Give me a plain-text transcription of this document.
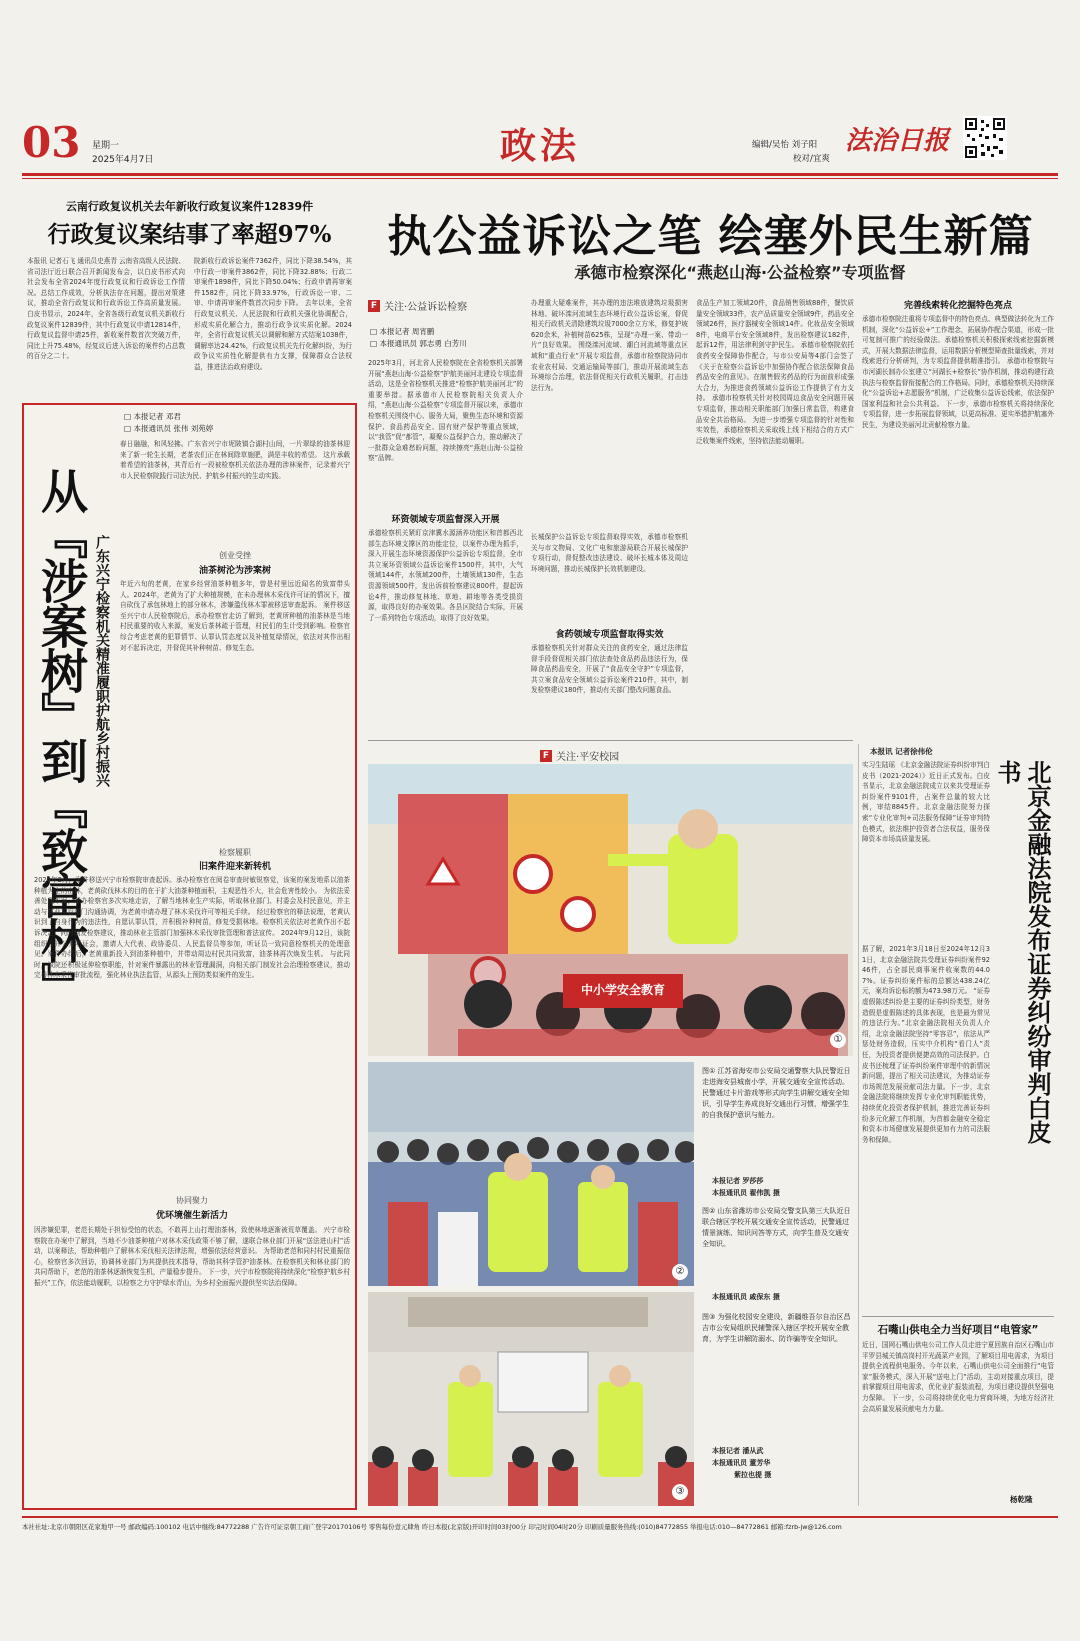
03 星期一
2025年4月7日	政法	编辑/吴怡 刘子阳
校对/宜爽
法治日报
云南行政复议机关去年新收行政复议案件12839件
行政复议案结事了率超97%
本报讯 记者石飞 通讯员史燕青 云南省高级人民法院、省司法厅近日联合召开新闻发布会，以白皮书形式向社会发布全省2024年度行政复议和行政诉讼工作情况。总结工作成效，分析执法存在问题，提出对策建议，推动全省行政复议和行政诉讼工作高质量发展。 白皮书显示，2024年，全省各级行政复议机关新收行政复议案件12839件，其中行政复议申请12814件，行政复议监督申请25件，新收案件数首次突破万件，同比上升75.48%，经复议后进入诉讼的案件约占总数的百分之二十。
院新收行政诉讼案件7362件，同比下降38.54%，其中行政一审案件3862件，同比下降32.88%；行政二审案件1898件，同比下降50.04%；行政申请再审案件1582件，同比下降33.97%，行政诉讼一审、二审、申请再审案件数首次同步下降。 去年以来，全省行政复议机关、人民法院和行政机关强化协调配合，形成实质化解合力，推动行政争议实质化解。2024年，全省行政复议机关以调解和解方式结案1038件，调解率达24.42%，行政复议机关先行化解纠纷，为行政争议实质性化解提供有力支撑，保障群众合法权益，推进法治政府建设。
□ 本报记者 邓君
□ 本报通讯员 张伟 刘苑婷
从『涉案树』到『致富林』 广东兴宁检察机关精准履职护航乡村振兴
春日融融，和风轻拂。广东省兴宁市坭陂镇合湖村山间，一片翠绿的油茶林迎来了新一轮生长期，老茶农们正在林间除草施肥，满是丰收的希望。 这片承载着希望的油茶林，其背后有一段被检察机关依法办理的涉林案件，记录着兴宁市人民检察院践行司法为民、护航乡村振兴的生动实践。
创业受挫
油茶树沦为涉案树
年近六旬的老黄，在家乡经营油茶种植多年，曾是村里远近闻名的致富带头人。2024年，老黄为了扩大种植规模，在未办理林木采伐许可证的情况下，擅自砍伐了承包林地上的部分林木，涉嫌滥伐林木罪被移送审查起诉。 案件移送至兴宁市人民检察院后，承办检察官走访了解到，老黄所种植的油茶林是当地村民重要的收入来源，案发后茶林疏于管理，村民们的生计受到影响。检察官综合考虑老黄的犯罪情节、认罪认罚态度以及补植复绿情况，依法对其作出相对不起诉决定，并督促其补种树苗、修复生态。
检察履职
旧案件迎来新转机
2024年2月，案件移送兴宁市检察院审查起诉。承办检察官在阅卷审查时敏锐察觉，该案的案发地系以油茶种植为主的山林，老黄砍伐林木的目的在于扩大油茶种植面积，主观恶性不大，社会危害性较小。 为依法妥善处理本案，承办检察官多次实地走访，了解当地林业生产实际，听取林业部门、村委会及村民意见，并主动与林业主管部门沟通协调，为老黄申请办理了林木采伐许可等相关手续。 经过检察官的释法说理，老黄认识到了自身行为的违法性，自愿认罪认罚，并积极补种树苗，修复受损林地。检察机关依法对老黄作出不起诉决定，同时制发检察建议，推动林业主管部门加强林木采伐审批管理和普法宣传。 2024年9月12日，该院组织召开公开听证会，邀请人大代表、政协委员、人民监督员等参加，听证员一致同意检察机关的处理意见。案件办结后，老黄重新投入到油茶种植中，并带动周边村民共同致富，油茶林再次焕发生机。 与此同时，该院还积极延伸检察职能，针对案件暴露出的林业管理漏洞，向相关部门制发社会治理检察建议，推动完善林木采伐审批流程，强化林业执法监管，从源头上预防类似案件的发生。
协同聚力
优环境催生新活力
因涉嫌犯罪，老范长期处于担惊受怕的状态，不敢再上山打理油茶林，致使林地逐渐被荒草覆盖。 兴宁市检察院在办案中了解到，当地不少油茶种植户对林木采伐政策不够了解，遂联合林业部门开展“送法进山村”活动，以案释法，帮助种植户了解林木采伐相关法律法规，增强依法经营意识。 为帮助老范和同村村民重振信心，检察官多次回访，协调林业部门为其提供技术指导，帮助其科学管护油茶林。在检察机关和林业部门的共同帮助下，老范的油茶林逐渐恢复生机，产量稳步提升。 下一步，兴宁市检察院将持续深化“检察护航乡村振兴”工作，依法能动履职，以检察之力守护绿水青山，为乡村全面振兴提供坚实法治保障。
执公益诉讼之笔 绘塞外民生新篇
承德市检察深化“燕赵山海·公益检察”专项监督
F 关注·公益诉讼检察
□ 本报记者 周宵鹏
□ 本报通讯员 郭志勇 白芳川
2025年3月，河北省人民检察院在全省检察机关部署开展“燕赵山海·公益检察”护航美丽河北建设专项监督活动，这是全省检察机关推进“检察护航美丽河北”的重要举措。据承德市人民检察院相关负责人介绍，“燕赵山海·公益检察”专项监督开展以来，承德市检察机关围绕中心、服务大局，聚焦生态环境和资源保护、食品药品安全、国有财产保护等重点领域，以“我管”促“都管”，凝聚公益保护合力，推动解决了一批群众急难愁盼问题，持续擦亮“燕赵山海·公益检察”品牌。
环资领域专项监督深入开展
承德检察机关紧盯京津冀水源涵养功能区和首都西北部生态环境支撑区的功能定位，以案件办理为抓手，深入开展生态环境资源保护公益诉讼专项监督，全市共立案环资领域公益诉讼案件1500件，其中，大气领域144件，水领域200件，土壤领域130件，生态资源领域500件，发出诉前检察建议800件，提起诉讼4件，推动修复林地、草地、耕地等各类受损资源，取得良好的办案效果。各县区院结合实际，开展了一系列特色专项活动，取得了良好效果。
办理重大疑难案件，其办理的违法堆放建筑垃圾损害林地、破坏滦河流域生态环境行政公益诉讼案，督促相关行政机关清除建筑垃圾7000余立方米，修复护坡620余米，补植树苗625株，呈现“办理一案、带动一片”良好效果。 围绕滦河流域、潮白河流域等重点区域和“重点行业”开展专项监督，承德市检察院协同市农业农村局、交通运输局等部门，推动开展流域生态环境综合治理，依法督促相关行政机关履职，打击违法行为。
长城保护公益诉讼专项监督取得实效，承德市检察机关与市文物局、文化广电和旅游局联合开展长城保护专项行动，督促整改违法建设、破坏长城本体及周边环境问题，推动长城保护长效机制建设。
食药领域专项监督取得实效
承德检察机关针对群众关注的食药安全，通过法律监督手段督促相关部门依法查处食品药品违法行为，保障食品药品安全，开展了“食品安全守护”专项监督，共立案食品安全领域公益诉讼案件210件，其中，制发检察建议180件，推动有关部门整改问题食品。
食品生产加工领域20件，食品销售领域88件，餐饮质量安全领域33件，农产品质量安全领域9件，药品安全领域26件，医疗器械安全领域14件。化妆品安全领域8件，电商平台安全领域8件，发出检察建议182件，起诉12件，用法律利剑守护民生。 承德市检察院依托食药安全保障协作配合，与市公安局等4部门会签了《关于在检察公益诉讼中加强协作配合依法保障食品药品安全的意见》。在制售假劣药品的行为面前形成强大合力，为推进食药领域公益诉讼工作提供了有力支持。 承德市检察机关针对校园周边食品安全问题开展专项监督，推动相关职能部门加强日常监管，构建食品安全共治格局。 为进一步增强专项监督的针对性和实效性，承德检察机关采取线上线下相结合的方式广泛收集案件线索，坚持依法能动履职。
完善线索转化挖掘特色亮点
承德市检察院注重将专项监督中的特色亮点、典型做法转化为工作机制，深化“公益诉讼+”工作理念，拓展协作配合渠道，形成一批可复制可推广的经验做法。承德检察机关积极探索线索挖掘新模式，开展大数据法律监督，运用数据分析模型筛查批量线索，并对线索进行分析研判，为专项监督提供精准指引。 承德市检察院与市河湖长制办公室建立“河湖长+检察长”协作机制，推动构建行政执法与检察监督衔接配合的工作格局。同时，承德检察机关持续深化“公益诉讼+志愿服务”机制，广泛收集公益诉讼线索，依法保护国家利益和社会公共利益。 下一步，承德市检察机关将持续深化专项监督，进一步拓展监督领域，以更高标准、更实举措护航塞外民生，为建设美丽河北贡献检察力量。
F 关注·平安校园
中小学安全教育
①
②
③
图① 江苏省海安市公安局交通警察大队民警近日走进海安县城南小学，开展交通安全宣传活动。民警通过卡片游戏等形式向学生讲解交通安全知识，引导学生养成良好交通出行习惯，增强学生的自我保护意识与能力。
本报记者 罗莎莎
本报通讯员 翟伟凯 摄
图② 山东省潍坊市公安局交警支队第三大队近日联合辖区学校开展交通安全宣传活动，民警通过情景演练、知识问答等方式，向学生普及交通安全知识。
本报通讯员 戚保东 摄
图③ 为强化校园安全建设，新疆维吾尔自治区昌吉市公安局组织民辅警深入辖区学校开展安全教育，为学生讲解防溺水、防诈骗等安全知识。
本报记者 潘从武
本报通讯员 董芳华
紫拉也提 摄
本报讯 记者徐伟伦
实习生陆瑶 《北京金融法院证券纠纷审判白皮书（2021-2024）》近日正式发布。白皮书显示，北京金融法院成立以来共受理证券纠纷案件9101件，占案件总量的较大比例，审结8845件。北京金融法院努力探索“专业化审判+司法服务保障”证券审判特色模式，依法维护投资者合法权益，服务保障资本市场高质量发展。	北京金融法院发布证券纠纷审判白皮书
据了解，2021年3月18日至2024年12月31日，北京金融法院共受理证券纠纷案件9246件，占全部民商事案件收案数的44.07%。证券纠纷案件标的总额达438.24亿元，案均诉讼标的额为473.98万元。 “证券虚假陈述纠纷是主要的证券纠纷类型，财务造假是虚假陈述的具体表现，也是最为常见的违法行为。”北京金融法院相关负责人介绍，北京金融法院坚持“零容忍”，依法从严惩处财务造假，压实中介机构“看门人”责任，为投资者提供便捷高效的司法保护。白皮书还梳理了证券纠纷案件审理中的新情况新问题，提出了相关司法建议，为推动证券市场规范发展贡献司法力量。下一步，北京金融法院将继续发挥专业化审判职能优势，持续优化投资者保护机制，推进完善证券纠纷多元化解工作机制，为首都金融安全稳定和资本市场健康发展提供更加有力的司法服务和保障。
石嘴山供电全力当好项目“电管家”
近日，国网石嘴山供电公司工作人员走进宁夏回族自治区石嘴山市平罗县城关镇高岗村开光蔬菜产业园，了解项目用电需求，为项目提供全流程供电服务。今年以来，石嘴山供电公司全面推行“电管家”服务模式，深入开展“送电上门”活动，主动对接重点项目，提前掌握项目用电需求，优化业扩报装流程，为项目建设提供坚强电力保障。 下一步，公司将持续优化电力营商环境，为地方经济社会高质量发展贡献电力力量。
杨乾隆
本社社址:北京市朝阳区花家地甲一号 邮政编码:100102 电话中继线:84772288 广告许可证京朝工商广登字20170106号 零售每份壹元肆角 昨日本报(北京版)开印时间03时00分 印完时间04时20分 印刷质量服务热线:(010)84772855 举报电话:010—84772861 邮箱:fzrb-jw@126.com
